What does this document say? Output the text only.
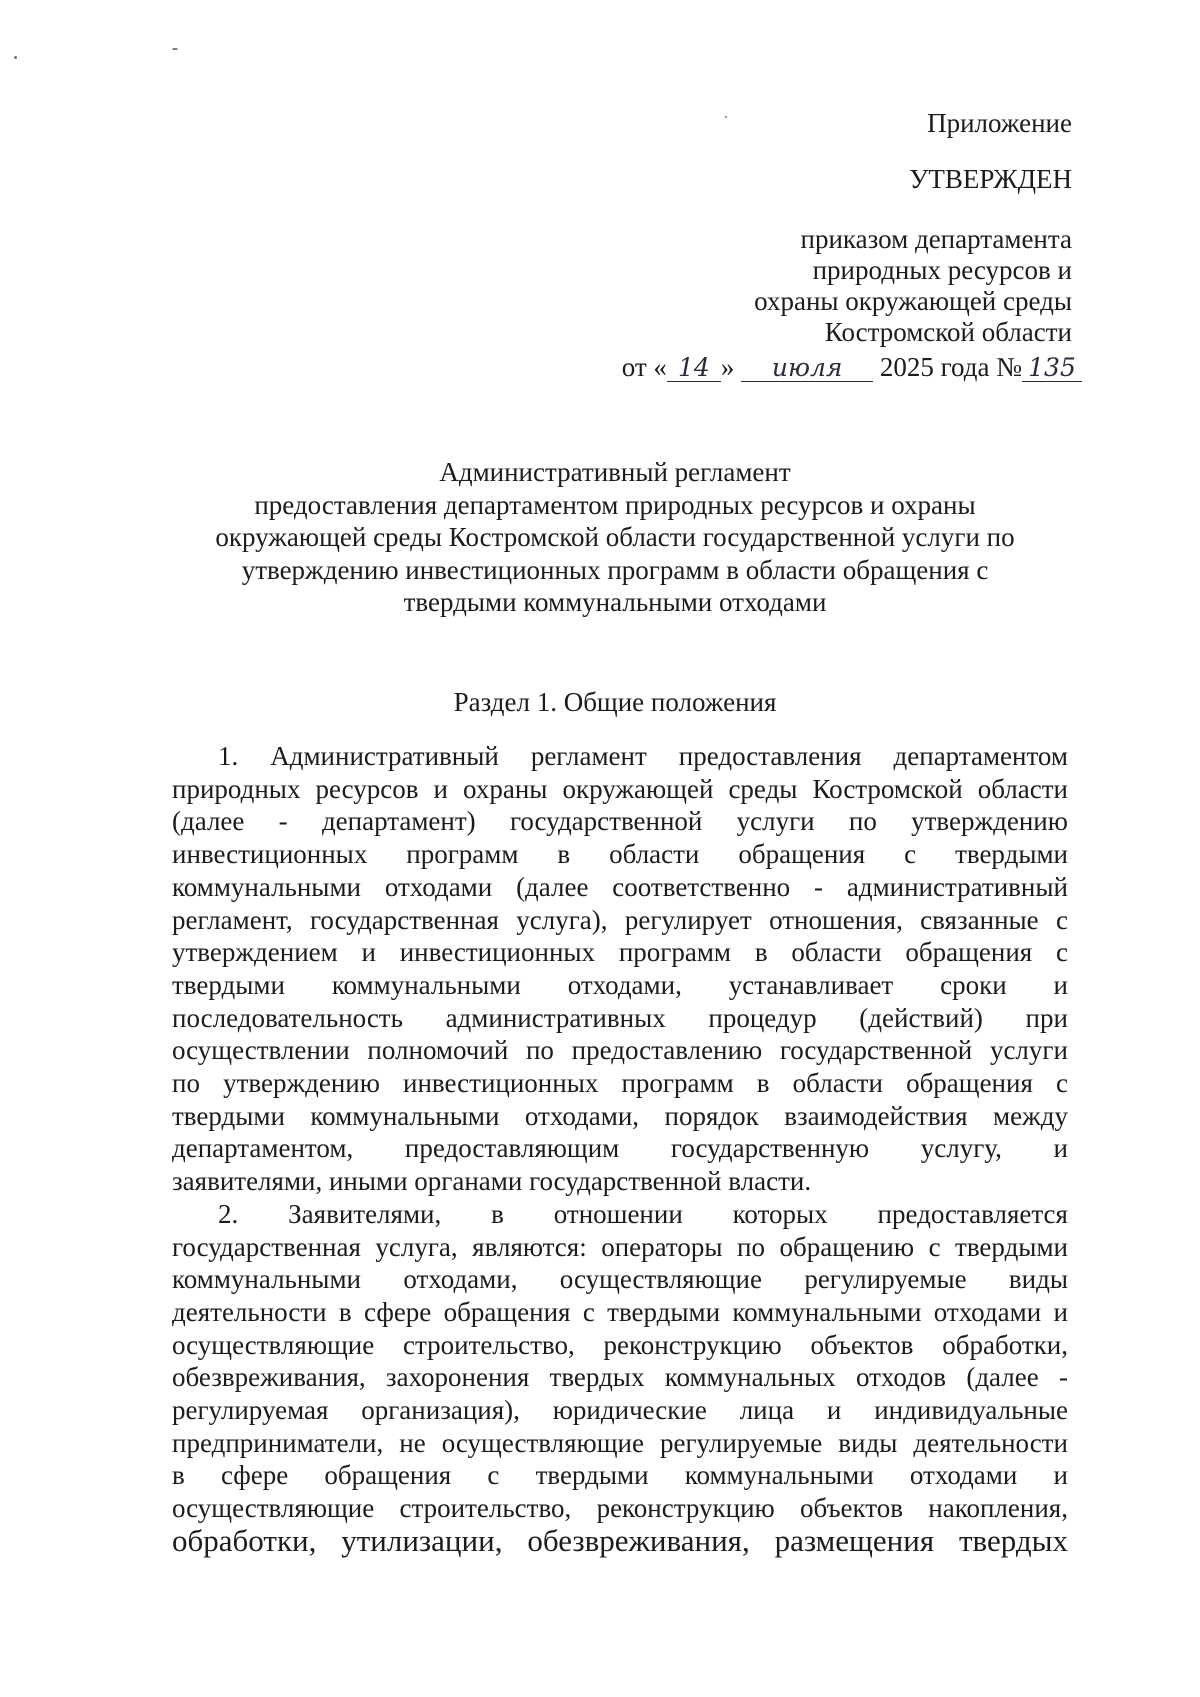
Приложение
УТВЕРЖДЕН
приказом департамента
природных ресурсов и
охраны окружающей среды
Костромской области
от « 14 » июля 2025 года № 135
Административный регламент
предоставления департаментом природных ресурсов и охраны
окружающей среды Костромской области государственной услуги по
утверждению инвестиционных программ в области обращения с
твердыми коммунальными отходами
Раздел 1. Общие положения
1. Административный регламент предоставления департаментом
природных ресурсов и охраны окружающей среды Костромской области
(далее - департамент) государственной услуги по утверждению
инвестиционных программ в области обращения с твердыми
коммунальными отходами (далее соответственно - административный
регламент, государственная услуга), регулирует отношения, связанные с
утверждением и инвестиционных программ в области обращения с
твердыми коммунальными отходами, устанавливает сроки и
последовательность административных процедур (действий) при
осуществлении полномочий по предоставлению государственной услуги
по утверждению инвестиционных программ в области обращения с
твердыми коммунальными отходами, порядок взаимодействия между
департаментом, предоставляющим государственную услугу, и
заявителями, иными органами государственной власти.
2. Заявителями, в отношении которых предоставляется
государственная услуга, являются: операторы по обращению с твердыми
коммунальными отходами, осуществляющие регулируемые виды
деятельности в сфере обращения с твердыми коммунальными отходами и
осуществляющие строительство, реконструкцию объектов обработки,
обезвреживания, захоронения твердых коммунальных отходов (далее -
регулируемая организация), юридические лица и индивидуальные
предприниматели, не осуществляющие регулируемые виды деятельности
в сфере обращения с твердыми коммунальными отходами и
осуществляющие строительство, реконструкцию объектов накопления,
обработки, утилизации, обезвреживания, размещения твердых
